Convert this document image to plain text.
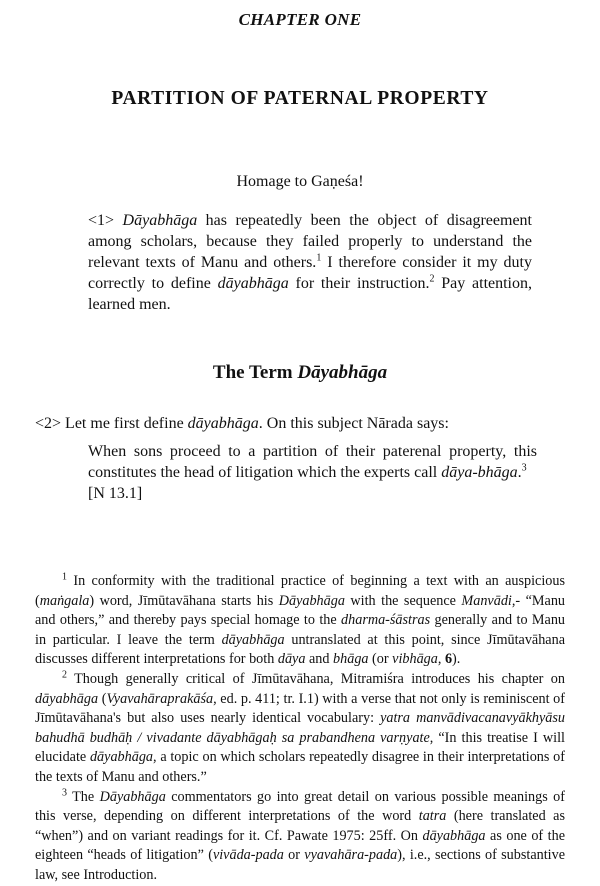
CHAPTER ONE
PARTITION OF PATERNAL PROPERTY
Homage to Gaṇeśa!
<1> Dāyabhāga has repeatedly been the object of disagreement among scholars, because they failed properly to understand the relevant texts of Manu and others.$^1$ I therefore consider it my duty correctly to define dāyabhāga for their instruction.$^2$ Pay attention, learned men.
The Term Dāyabhāga
<2> Let me first define dāyabhāga. On this subject Nārada says:
When sons proceed to a partition of their paterenal property, this constitutes the head of litigation which the experts call dāya-bhāga.$^3$
[N 13.1]

$^1$ In conformity with the traditional practice of beginning a text with an auspicious (maṅgala) word, Jīmūtavāhana starts his Dāyabhāga with the sequence Manvādi,- “Manu and others,” and thereby pays special homage to the dharma-śāstras generally and to Manu in particular. I leave the term dāyabhāga untranslated at this point, since Jīmūtavāhana discusses different interpretations for both dāya and bhāga (or vibhāga, 6).

$^2$ Though generally critical of Jīmūtavāhana, Mitramiśra introduces his chapter on dāyabhāga (Vyavahāraprakāśa, ed. p. 411; tr. I.1) with a verse that not only is reminiscent of Jīmūtavāhana's but also uses nearly identical vocabulary: yatra manvādivacanavyākhyāsu bahudhā budhāḥ / vivadante dāyabhāgaḥ sa prabandhena varṇyate, “In this treatise I will elucidate dāyabhāga, a topic on which scholars repeatedly disagree in their interpretations of the texts of Manu and others.”

$^3$ The Dāyabhāga commentators go into great detail on various possible meanings of this verse, depending on different interpretations of the word tatra (here translated as “when”) and on variant readings for it. Cf. Pawate 1975: 25ff. On dāyabhāga as one of the eighteen “heads of litigation” (vivāda-pada or vyavahāra-pada), i.e., sections of substantive law, see Introduction.
